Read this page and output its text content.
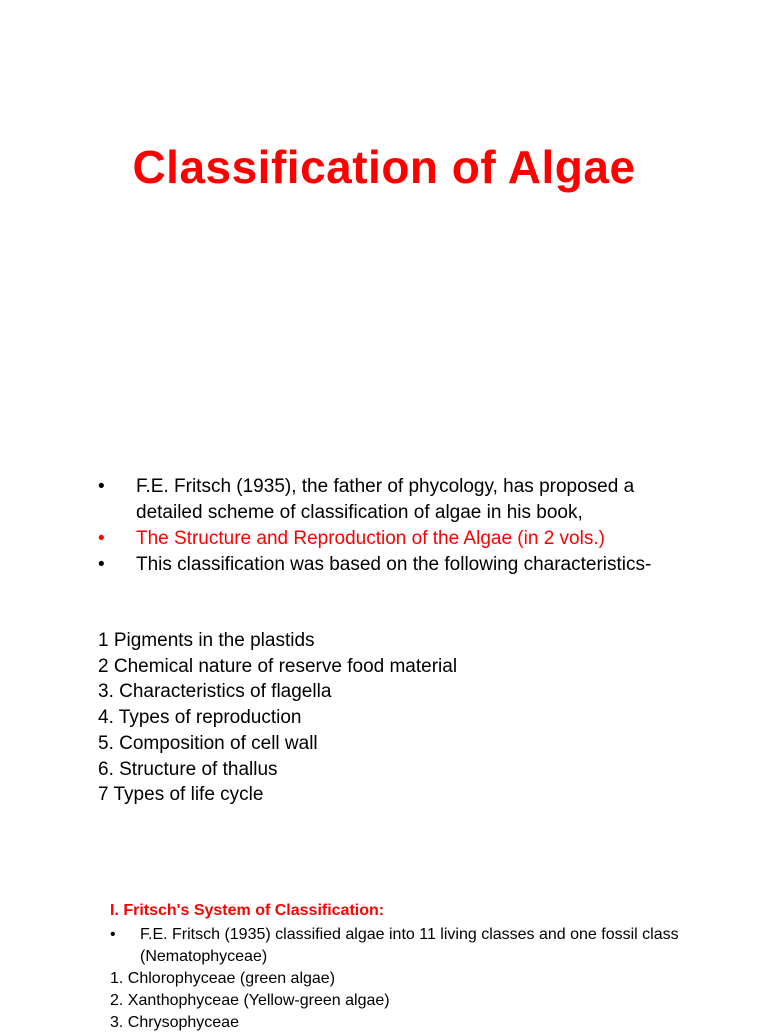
Classification of Algae
•	F.E. Fritsch (1935), the father of phycology, has proposed a detailed scheme of classification of algae in his book,
•	The Structure and Reproduction of the Algae (in 2 vols.)
•	This classification was based on the following characteristics-
1 Pigments in the plastids
2 Chemical nature of reserve food material
3. Characteristics of flagella
4. Types of reproduction
5. Composition of cell wall
6. Structure of thallus
7 Types of life cycle
I. Fritsch's System of Classification:
•	F.E. Fritsch (1935) classified algae into 11 living classes and one fossil class (Nematophyceae)
1. Chlorophyceae (green algae)
2. Xanthophyceae (Yellow-green algae)
3. Chrysophyceae
